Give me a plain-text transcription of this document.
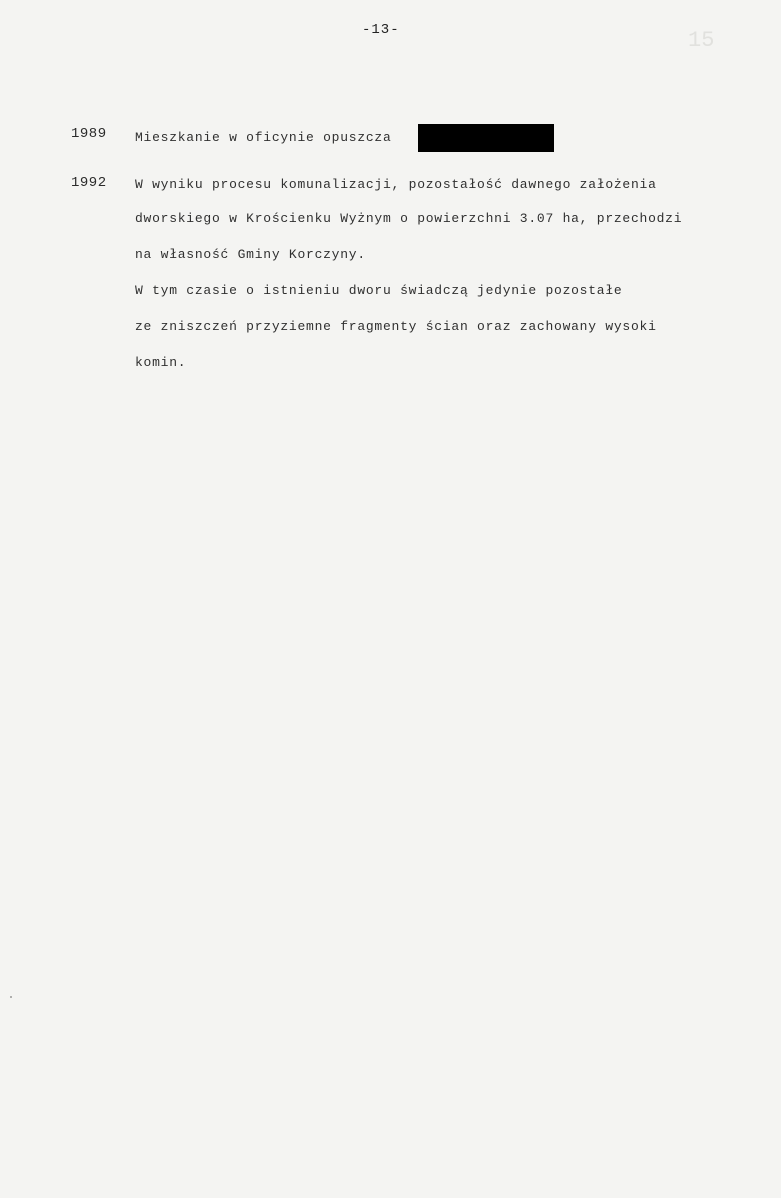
-13-	15
1989 Mieszkanie w oficynie opuszcza
1992 W wyniku procesu komunalizacji, pozostałość dawnego założenia
dworskiego w Krościenku Wyżnym o powierzchni 3.07 ha, przechodzi
na własność Gminy Korczyny.
W tym czasie o istnieniu dworu świadczą jedynie pozostałe
ze zniszczeń przyziemne fragmenty ścian oraz zachowany wysoki
komin.
